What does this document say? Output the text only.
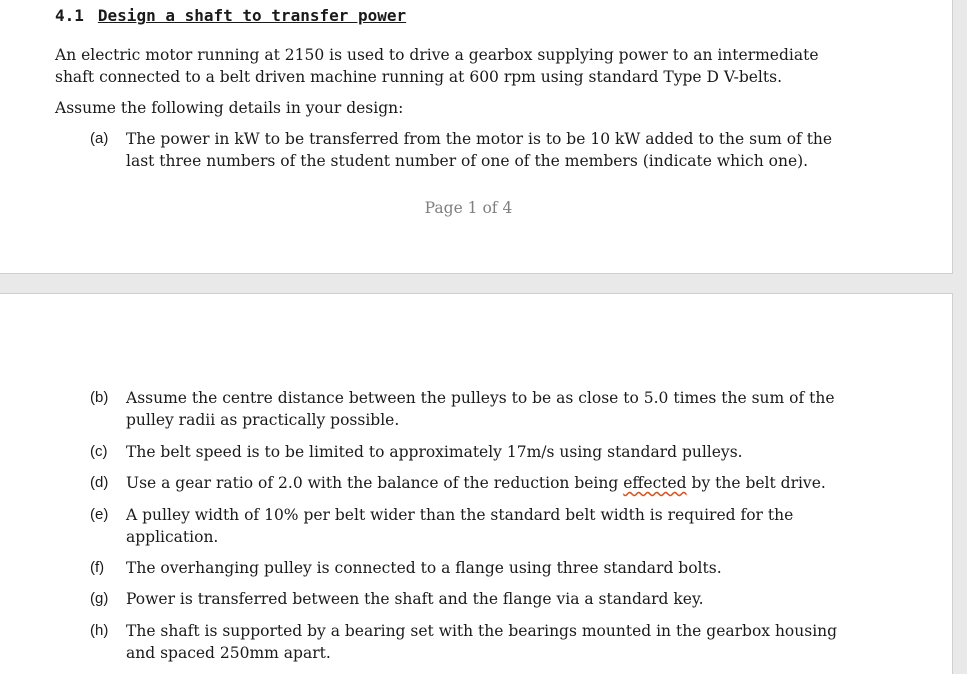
4.1 Design a shaft to transfer power
An electric motor running at 2150 is used to drive a gearbox supplying power to an intermediate
shaft connected to a belt driven machine running at 600 rpm using standard Type D V-belts.
Assume the following details in your design:
(a) The power in kW to be transferred from the motor is to be 10 kW added to the sum of the
last three numbers of the student number of one of the members (indicate which one).
Page 1 of 4
(b) Assume the centre distance between the pulleys to be as close to 5.0 times the sum of the
pulley radii as practically possible.
(c) The belt speed is to be limited to approximately 17m/s using standard pulleys.
(d) Use a gear ratio of 2.0 with the balance of the reduction being effected by the belt drive.
(e) A pulley width of 10% per belt wider than the standard belt width is required for the
application.
(f) The overhanging pulley is connected to a flange using three standard bolts.
(g) Power is transferred between the shaft and the flange via a standard key.
(h) The shaft is supported by a bearing set with the bearings mounted in the gearbox housing
and spaced 250mm apart.
